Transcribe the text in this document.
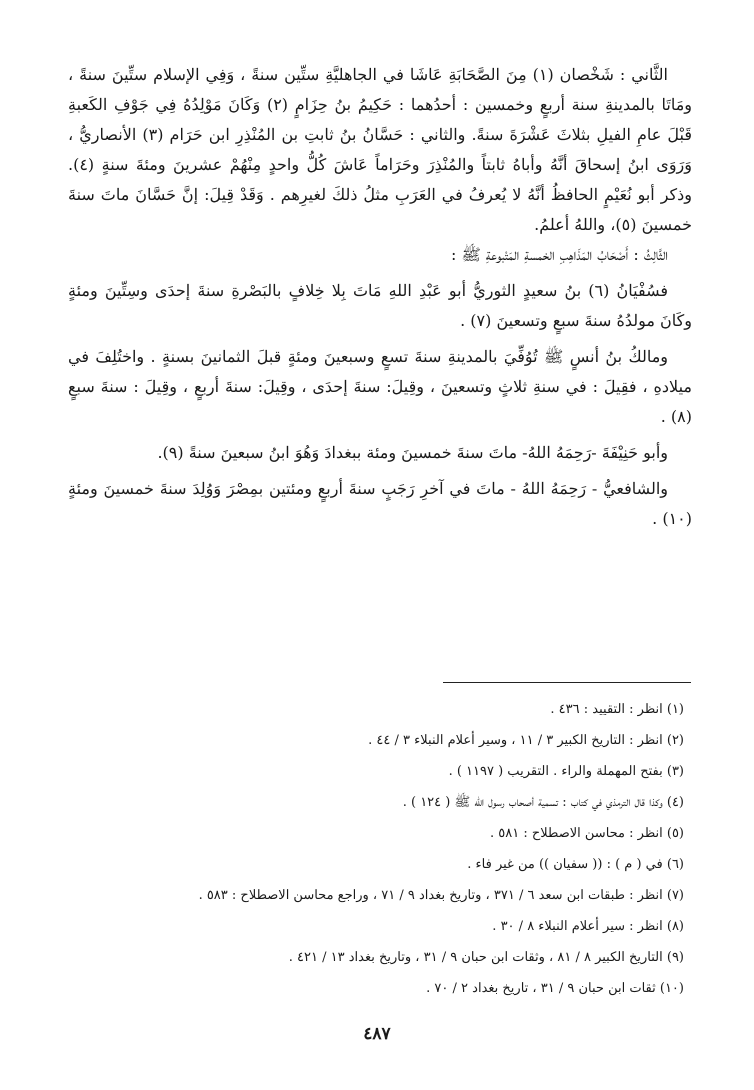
الثَّاني : شَخْصان (١) مِنَ الصَّحَابَةِ عَاشَا في الجاهليَّةِ ستِّين سنةً ، وَفِي الإسلام ستِّينَ سنةً ، ومَاتَا بالمدينةِ سنة أربعٍ وخمسين : أحدُهما : حَكِيمُ بنُ حِزَامٍ (٢) وَكَانَ مَوْلِدُهُ فِي جَوْفِ الكَعبةِ قَبْلَ عامِ الفيلِ بثلاثَ عَشْرَةَ سنةً. والثاني : حَسَّانُ بنُ ثابتِ بن المُنْذِرِ ابن حَرَام (٣) الأنصاريُّ ، وَرَوَى ابنُ إسحاقَ أنَّهُ وأباهُ ثابتاً والمُنْذِرَ وحَرَاماً عَاشَ كُلُّ واحدٍ مِنْهُمْ عشرينَ ومئةَ سنةٍ (٤). وذكر أبو نُعَيْمٍ الحافظُ أنَّهُ لا يُعرفُ في العَرَبِ مثلُ ذلكَ لغيرِهم . وَقَدْ قِيلَ: إنَّ حَسَّانَ ماتَ سنةَ خمسينَ (٥)، واللهُ أعلمُ.

الثَّالِثُ : أَصْحَابُ المَذَاهِبِ الخمسةِ المَتْبوعةِ ﷺ :

فسُفْيَانُ (٦) بنُ سعيدٍ الثوريُّ أبو عَبْدِ اللهِ مَاتَ بِلا خِلافٍ بالبَصْرةِ سنةَ إحدَى وسِتِّينَ ومئةٍ وكَانَ مولدُهُ سنةَ سبعٍ وتسعينَ (٧) .

ومالكُ بنُ أنسٍ ﷺ تُوُفِّيَ بالمدينةِ سنةَ تسعٍ وسبعينَ ومئةٍ قبلَ الثمانينَ بسنةٍ . واختُلِفَ في ميلادهِ ، فقِيلَ : في سنةِ ثلاثٍ وتسعينَ ، وقِيلَ: سنةَ إحدَى ، وقِيلَ: سنةَ أربعٍ ، وقِيلَ : سنةَ سبعٍ (٨) .

وأبو حَنِيْفَةَ -رَحِمَهُ اللهُ- ماتَ سنةَ خمسينَ ومئة ببغدادَ وَهُوَ ابنُ سبعينَ سنةً (٩).

والشافعيُّ - رَحِمَهُ اللهُ - ماتَ في آخرِ رَجَبٍ سنةَ أربعٍ ومئتين بمِصْرَ وَوُلِدَ سنةَ خمسينَ ومئةٍ (١٠) .

(١) انظر : التقييد : ٤٣٦ .

(٢) انظر : التاريخ الكبير ٣ / ١١ ، وسير أعلام النبلاء ٣ / ٤٤ .

(٣) بفتح المهملة والراء . التقريب ( ١١٩٧ ) .

(٤) وكذا قال الترمذي في كتاب : تسمية أصحاب رسول الله ﷺ ( ١٢٤ ) .

(٥) انظر : محاسن الاصطلاح : ٥٨١ .

(٦) في ( م ) : (( سفيان )) من غير فاء .

(٧) انظر : طبقات ابن سعد ٦ / ٣٧١ ، وتاريخ بغداد ٩ / ٧١ ، وراجع محاسن الاصطلاح : ٥٨٣ .

(٨) انظر : سير أعلام النبلاء ٨ / ٣٠ .

(٩) التاريخ الكبير ٨ / ٨١ ، وثقات ابن حبان ٩ / ٣١ ، وتاريخ بغداد ١٣ / ٤٢١ .

(١٠) ثقات ابن حبان ٩ / ٣١ ، تاريخ بغداد ٢ / ٧٠ .

٤٨٧
